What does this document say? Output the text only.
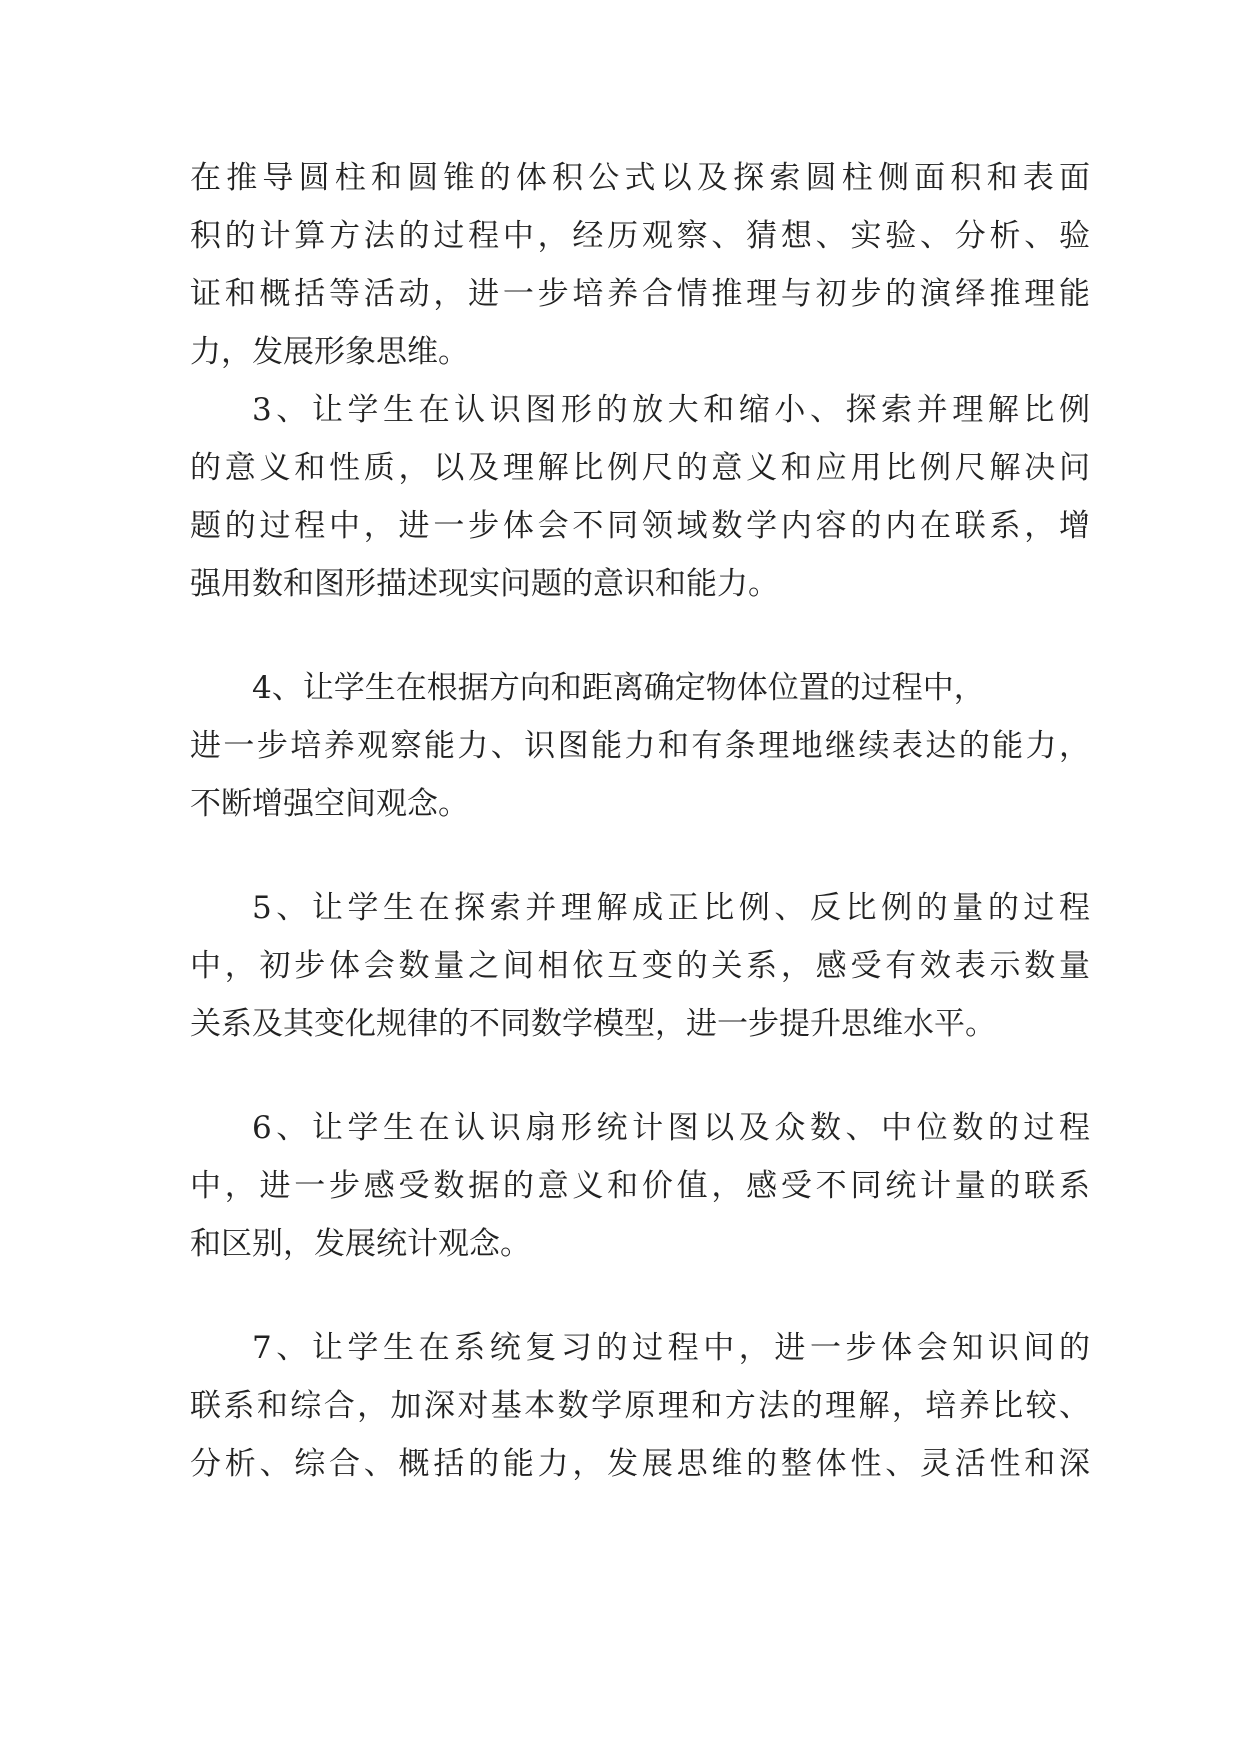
在推导圆柱和圆锥的体积公式以及探索圆柱侧面积和表面
积的计算方法的过程中，经历观察、猜想、实验、分析、验
证和概括等活动，进一步培养合情推理与初步的演绎推理能
力，发展形象思维。
3、让学生在认识图形的放大和缩小、探索并理解比例
的意义和性质，以及理解比例尺的意义和应用比例尺解决问
题的过程中，进一步体会不同领域数学内容的内在联系，增
强用数和图形描述现实问题的意识和能力。
4、让学生在根据方向和距离确定物体位置的过程中，
进一步培养观察能力、识图能力和有条理地继续表达的能力，
不断增强空间观念。
5、让学生在探索并理解成正比例、反比例的量的过程
中，初步体会数量之间相依互变的关系，感受有效表示数量
关系及其变化规律的不同数学模型，进一步提升思维水平。
6、让学生在认识扇形统计图以及众数、中位数的过程
中，进一步感受数据的意义和价值，感受不同统计量的联系
和区别，发展统计观念。
7、让学生在系统复习的过程中，进一步体会知识间的
联系和综合，加深对基本数学原理和方法的理解，培养比较、
分析、综合、概括的能力，发展思维的整体性、灵活性和深
